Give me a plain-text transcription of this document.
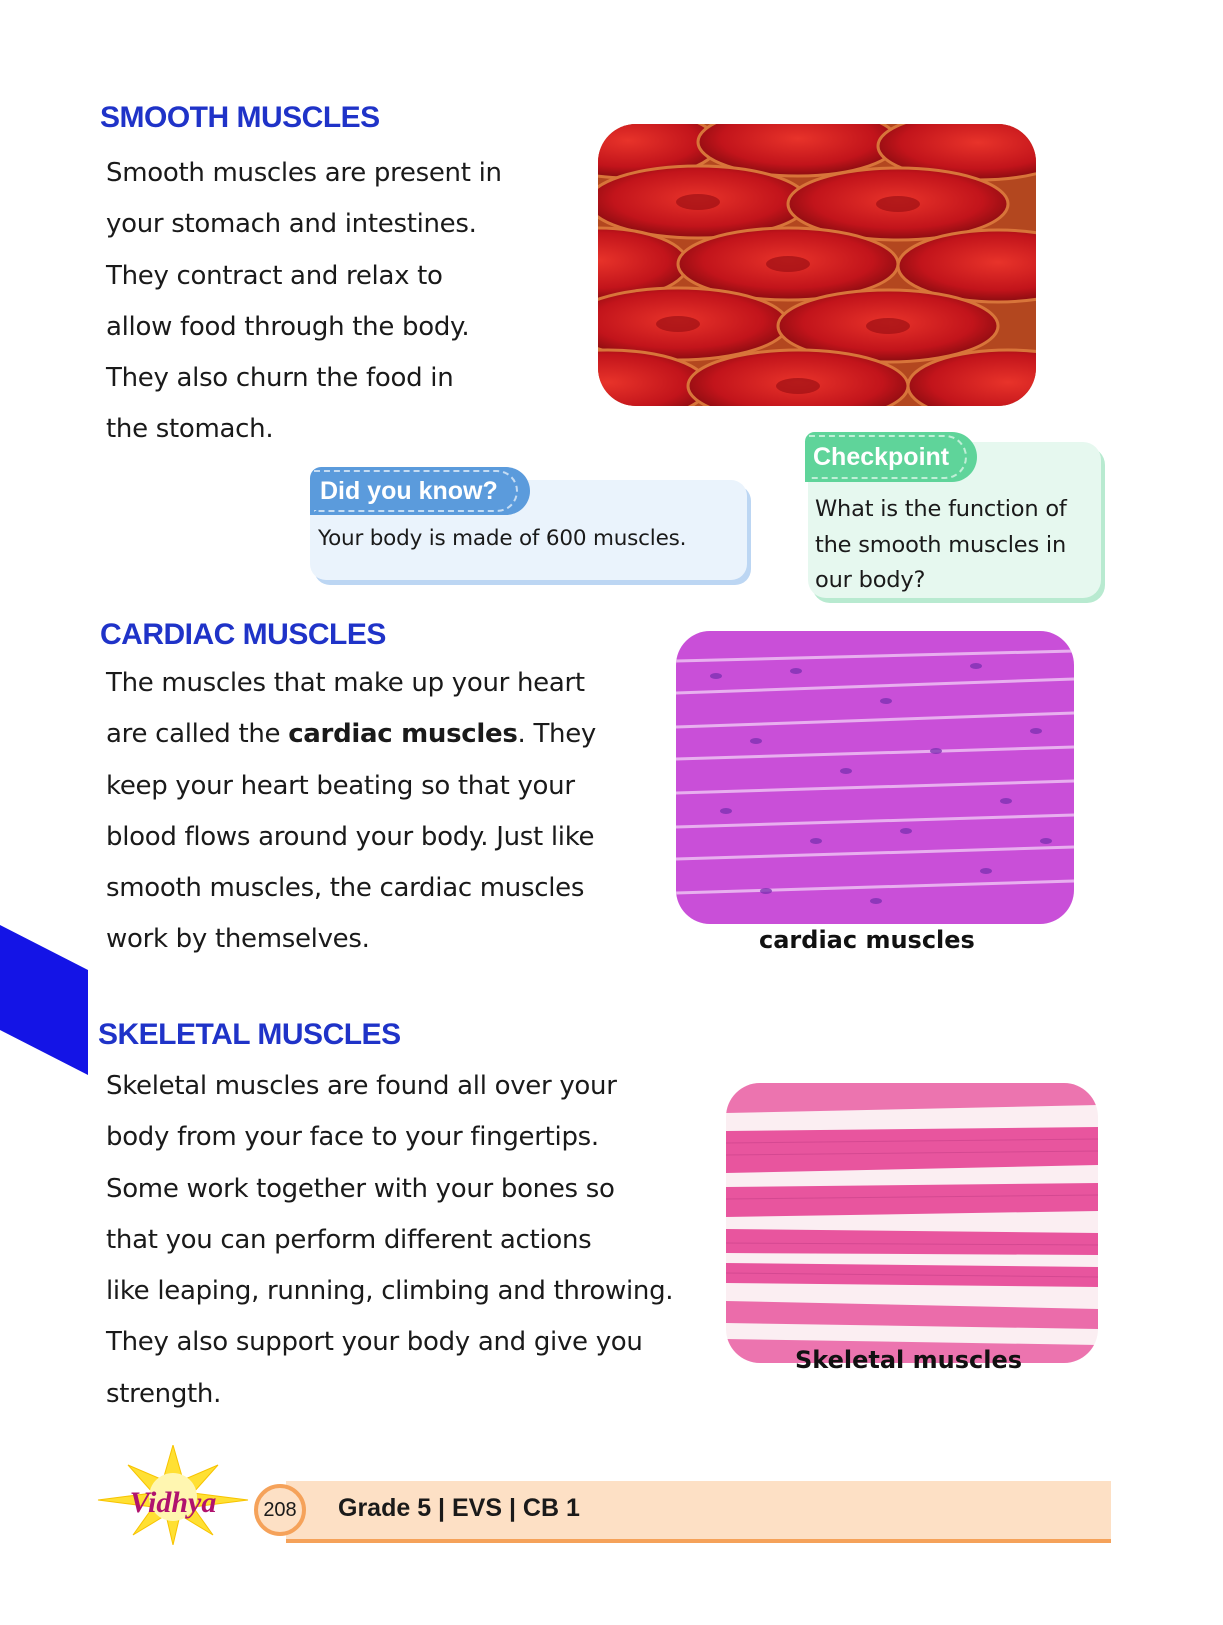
SMOOTH MUSCLES

Smooth muscles are present in
your stomach and intestines.
They contract and relax to
allow food through the body.
They also churn the food in
the stomach.

Did you know?
Your body is made of 600 muscles.
Checkpoint
What is the function of
the smooth muscles in
our body?
CARDIAC MUSCLES

The muscles that make up your heart
are called the cardiac muscles. They
keep your heart beating so that your
blood flows around your body. Just like
smooth muscles, the cardiac muscles
work by themselves.	cardiac muscles

SKELETAL MUSCLES

Skeletal muscles are found all over your
body from your face to your fingertips.
Some work together with your bones so
that you can perform different actions
like leaping, running, climbing and throwing.
They also support your body and give you
strength.

Skeletal muscles

208	Grade 5 | EVS | CB 1
Vidhya
